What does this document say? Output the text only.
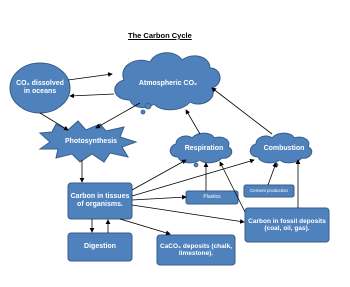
The Carbon Cycle
CO₂ dissolved in oceans
Atmospheric CO₂
Photosynthesis
Respiration	Combustion
Carbon in tissues of organisms.
Plastics
Cement production
Carbon in fossil deposits (coal, oil, gas).
Digestion	CaCO₃ deposits (chalk, limestone).
